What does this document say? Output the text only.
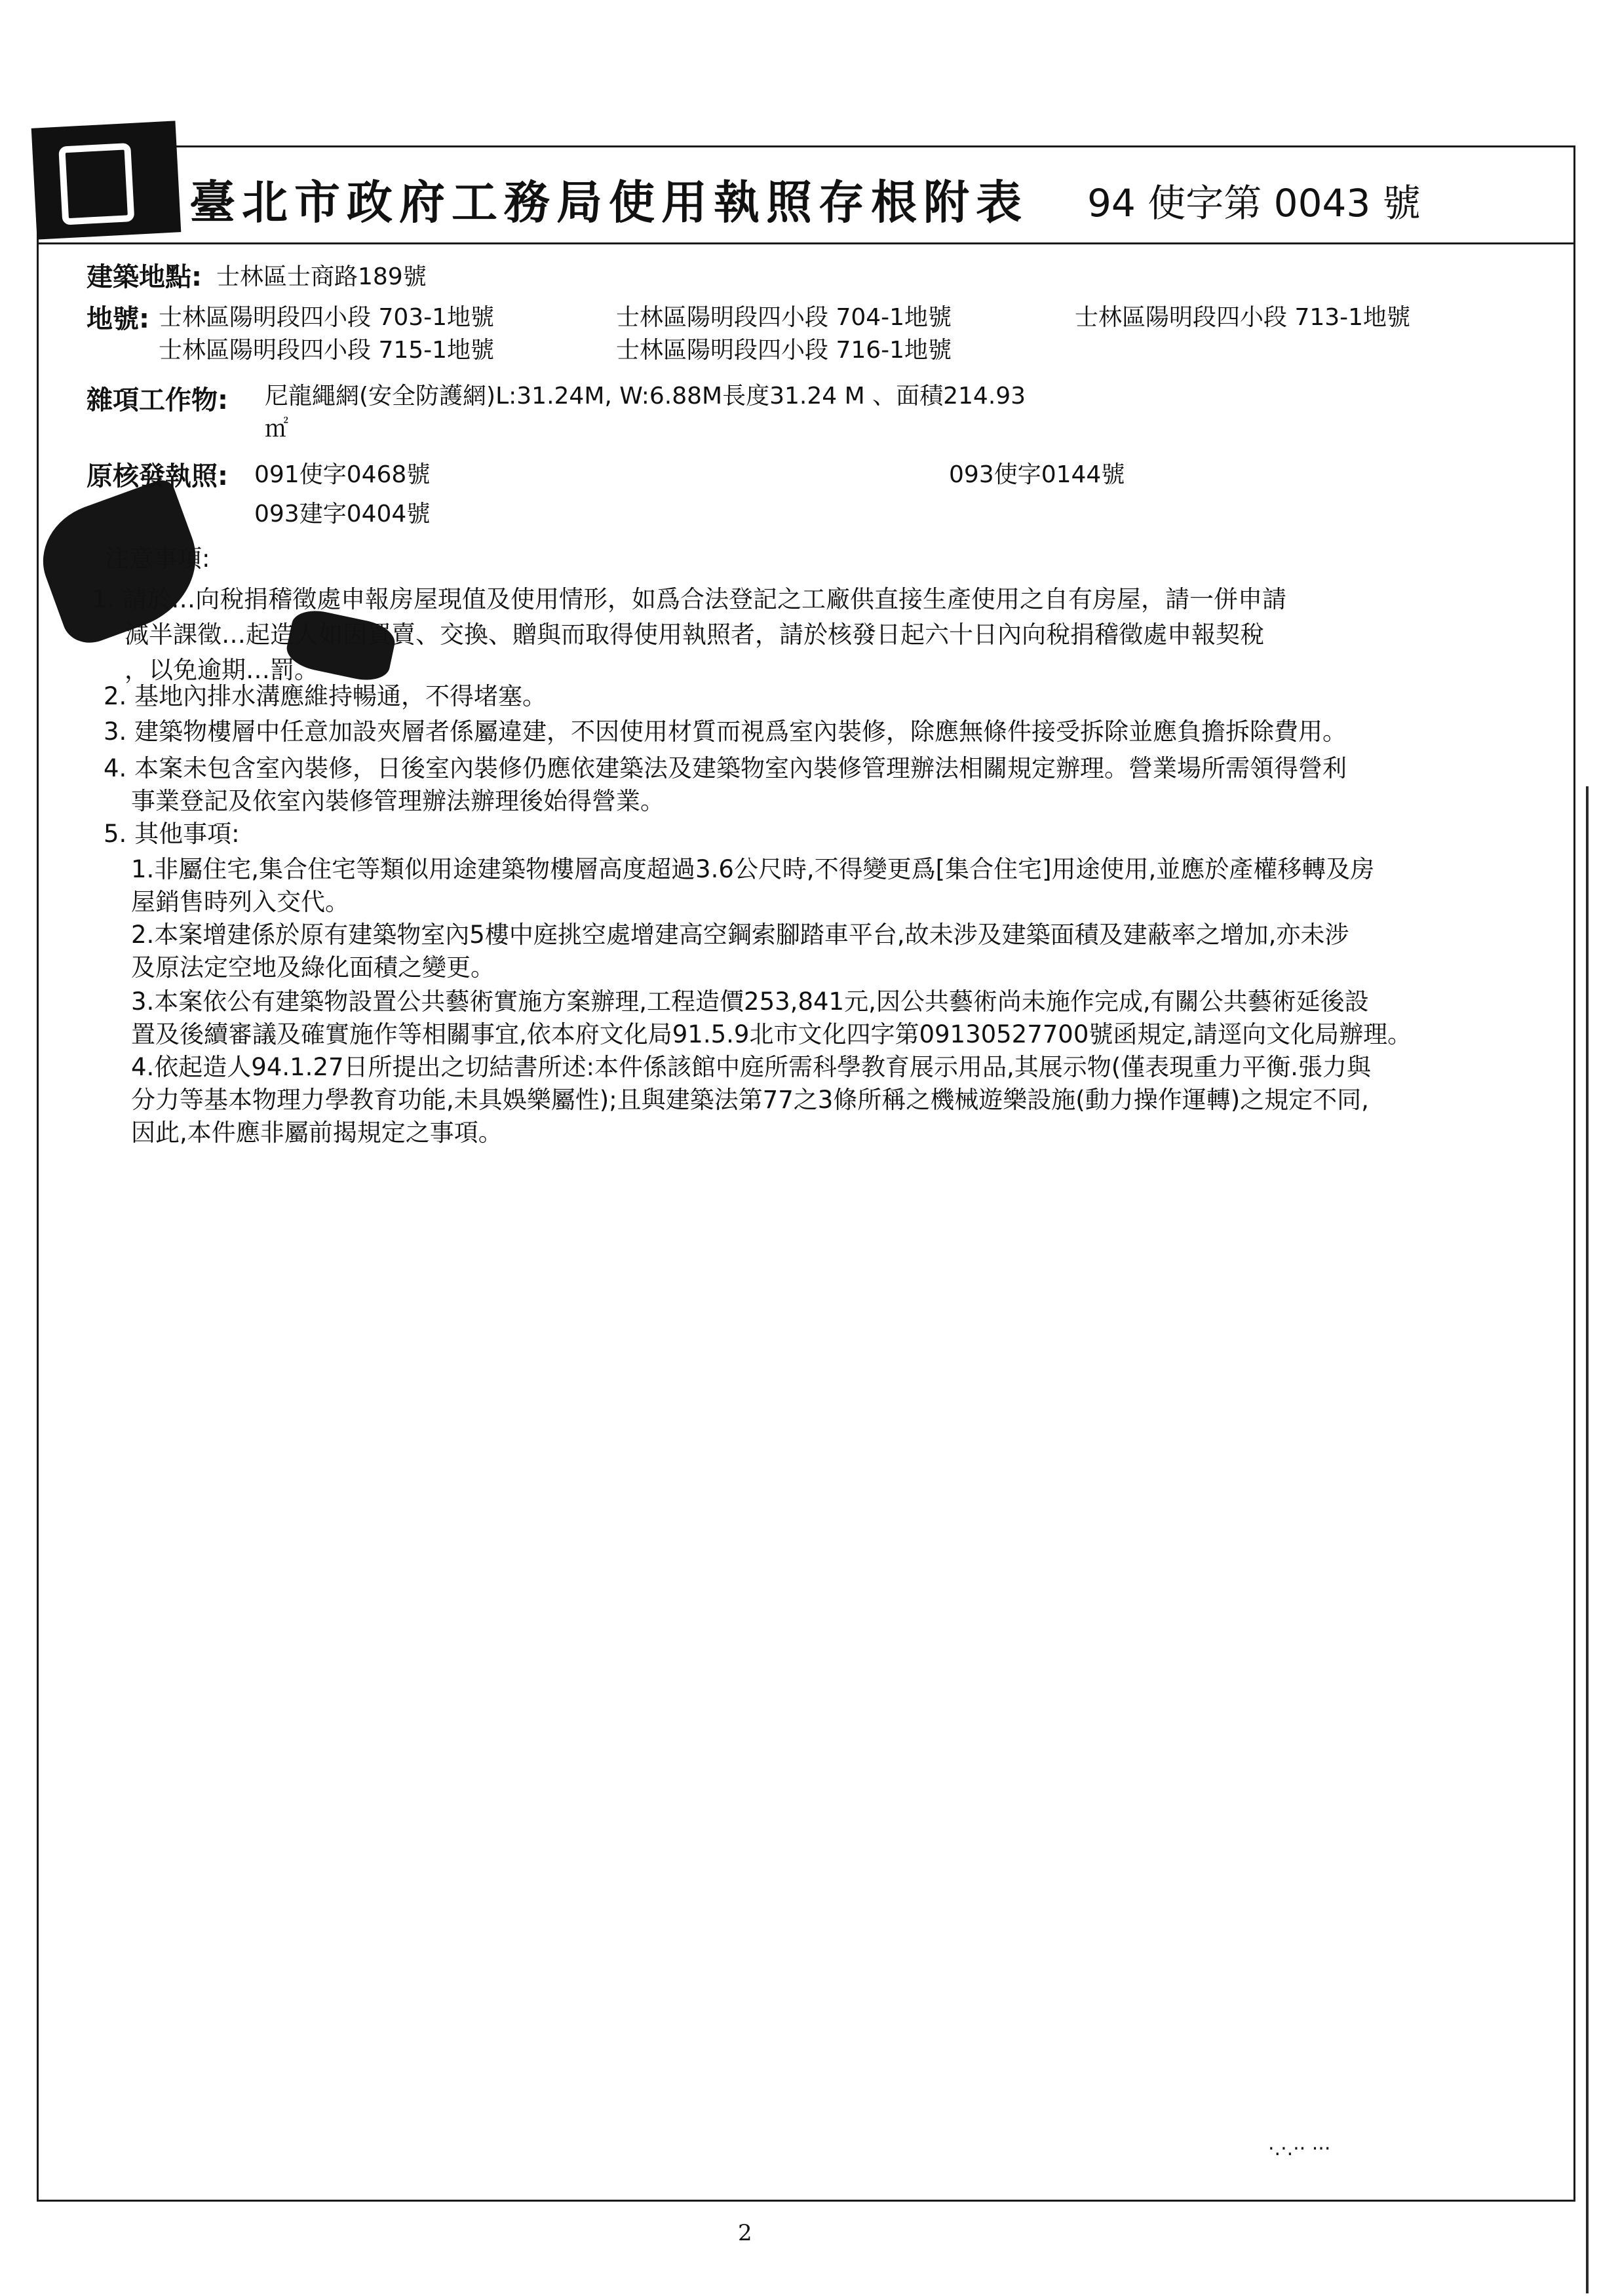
臺北市政府工務局使用執照存根附表 94 使字第 0043 號
建築地點: 士林區士商路189號
地號: 士林區陽明段四小段 703-1地號	士林區陽明段四小段 704-1地號	士林區陽明段四小段 713-1地號
士林區陽明段四小段 715-1地號	士林區陽明段四小段 716-1地號
雜項工作物: 尼龍繩網(安全防護網)L:31.24M, W:6.88M長度31.24 M 、面積214.93
㎡
原核發執照: 091使字0468號	093使字0144號
093建字0404號
注意事項:
1. 請於…向稅捐稽徵處申報房屋現值及使用情形，如爲合法登記之工廠供直接生產使用之自有房屋，請一併申請
減半課徵…起造人如因買賣、交換、贈與而取得使用執照者，請於核發日起六十日內向稅捐稽徵處申報契稅
，以免逾期…罰。
2. 基地內排水溝應維持暢通，不得堵塞。
3. 建築物樓層中任意加設夾層者係屬違建，不因使用材質而視爲室內裝修，除應無條件接受拆除並應負擔拆除費用。
4. 本案未包含室內裝修，日後室內裝修仍應依建築法及建築物室內裝修管理辦法相關規定辦理。營業場所需領得營利
事業登記及依室內裝修管理辦法辦理後始得營業。
5. 其他事項:
1.非屬住宅,集合住宅等類似用途建築物樓層高度超過3.6公尺時,不得變更爲[集合住宅]用途使用,並應於產權移轉及房
屋銷售時列入交代。
2.本案增建係於原有建築物室內5樓中庭挑空處增建高空鋼索腳踏車平台,故未涉及建築面積及建蔽率之增加,亦未涉
及原法定空地及綠化面積之變更。
3.本案依公有建築物設置公共藝術實施方案辦理,工程造價253,841元,因公共藝術尚未施作完成,有關公共藝術延後設
置及後續審議及確實施作等相關事宜,依本府文化局91.5.9北市文化四字第09130527700號函規定,請逕向文化局辦理。
4.依起造人94.1.27日所提出之切結書所述:本件係該館中庭所需科學教育展示用品,其展示物(僅表現重力平衡.張力與
分力等基本物理力學教育功能,未具娛樂屬性);且與建築法第77之3條所稱之機械遊樂設施(動力操作運轉)之規定不同,
因此,本件應非屬前揭規定之事項。
·.·.·· ···
2
